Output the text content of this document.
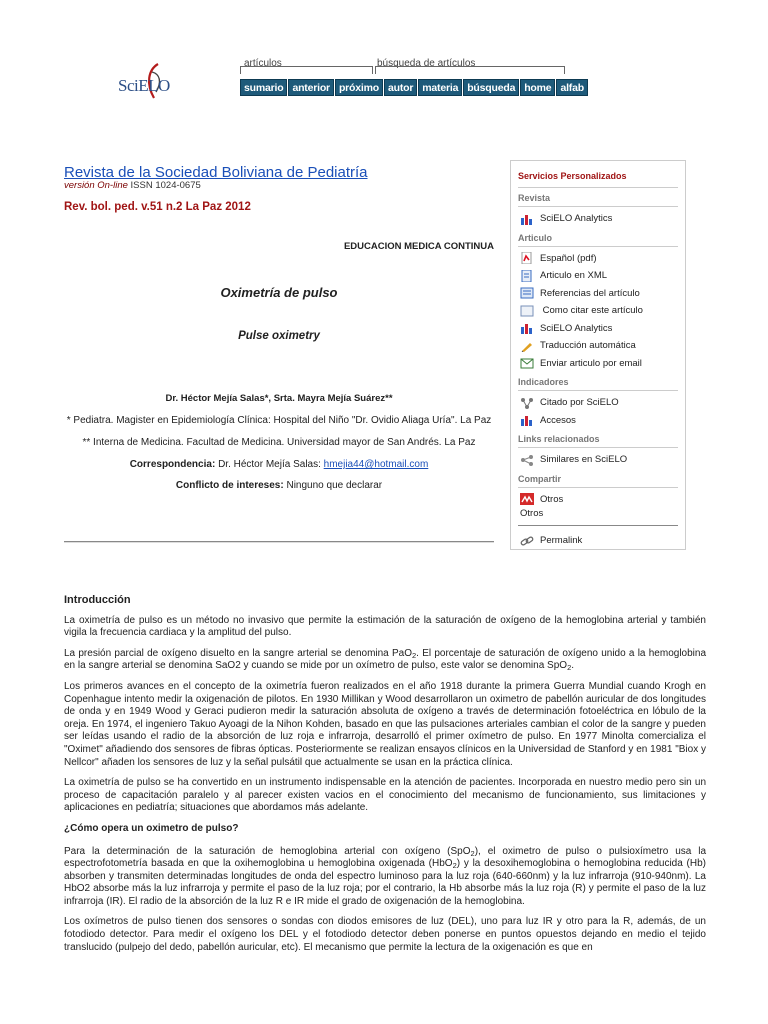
SciELO
artículos	búsqueda de artículos
sumario anterior próximo autor materia búsqueda home alfab
Revista de la Sociedad Boliviana de Pediatría
versión On-line ISSN 1024-0675
Rev. bol. ped. v.51 n.2 La Paz 2012
EDUCACION MEDICA CONTINUA
Oximetría de pulso
Pulse oximetry
Dr. Héctor Mejía Salas*, Srta. Mayra Mejía Suárez**
* Pediatra. Magister en Epidemiología Clínica: Hospital del Niño "Dr. Ovidio Aliaga Uría". La Paz
** Interna de Medicina. Facultad de Medicina. Universidad mayor de San Andrés. La Paz
Correspondencia: Dr. Héctor Mejía Salas: hmejia44@hotmail.com
Conflicto de intereses: Ninguno que declarar
Servicios Personalizados
Revista
SciELO Analytics
Articulo
Español (pdf)
Articulo en XML
Referencias del artículo
Como citar este artículo
SciELO Analytics
Traducción automática
Enviar articulo por email
Indicadores
Citado por SciELO
Accesos
Links relacionados
Similares en SciELO
Compartir
Otros
Otros
Permalink
Introducción

La oximetría de pulso es un método no invasivo que permite la estimación de la saturación de oxígeno de la hemoglobina arterial y también vigila la frecuencia cardiaca y la amplitud del pulso.

La presión parcial de oxígeno disuelto en la sangre arterial se denomina PaO$_2$. El porcentaje de saturación de oxígeno unido a la hemoglobina en la sangre arterial se denomina SaO2 y cuando se mide por un oxímetro de pulso, este valor se denomina SpO$_2$.

Los primeros avances en el concepto de la oximetría fueron realizados en el año 1918 durante la primera Guerra Mundial cuando Krogh en Copenhague intento medir la oxigenación de pilotos. En 1930 Millikan y Wood desarrollaron un oximetro de pabellón auricular de dos longitudes de onda y en 1949 Wood y Geraci pudieron medir la saturación absoluta de oxígeno a través de determinación fotoeléctrica en lóbulo de la oreja. En 1974, el ingeniero Takuo Ayoagi de la Nihon Kohden, basado en que las pulsaciones arteriales cambian el color de la sangre y pueden ser leídas usando el radio de la absorción de luz roja e infrarroja, desarrolló el primer oxímetro de pulso. En 1977 Minolta comercializa el "Oximet" añadiendo dos sensores de fibras ópticas. Posteriormente se realizan ensayos clínicos en la Universidad de Stanford y en 1981 "Biox y Nellcor" añaden los sensores de luz y la señal pulsátil que actualmente se usan en la práctica clínica.

La oximetría de pulso se ha convertido en un instrumento indispensable en la atención de pacientes. Incorporada en nuestro medio pero sin un proceso de capacitación paralelo y al parecer existen vacios en el conocimiento del mecanismo de funcionamiento, sus limitaciones y aplicaciones en pediatría; situaciones que abordamos más adelante.

¿Cómo opera un oximetro de pulso?

Para la determinación de la saturación de hemoglobina arterial con oxígeno (SpO$_2$), el oximetro de pulso o pulsioxímetro usa la espectrofotometría basada en que la oxihemoglobina u hemoglobina oxigenada (HbO$_2$) y la desoxihemoglobina o hemoglobina reducida (Hb) absorben y transmiten determinadas longitudes de onda del espectro luminoso para la luz roja (640-660nm) y la luz infrarroja (910-940nm). La HbO2 absorbe más la luz infrarroja y permite el paso de la luz roja; por el contrario, la Hb absorbe más la luz roja (R) y permite el paso de la luz infrarroja (IR). El radio de la absorción de la luz R e IR mide el grado de oxigenación de la hemoglobina.

Los oxímetros de pulso tienen dos sensores o sondas con diodos emisores de luz (DEL), uno para luz IR y otro para la R, además, de un fotodiodo detector. Para medir el oxígeno los DEL y el fotodiodo detector deben ponerse en puntos opuestos dejando en medio el tejido translucido (pulpejo del dedo, pabellón auricular, etc). El mecanismo que permite la lectura de la oxigenación es que en
